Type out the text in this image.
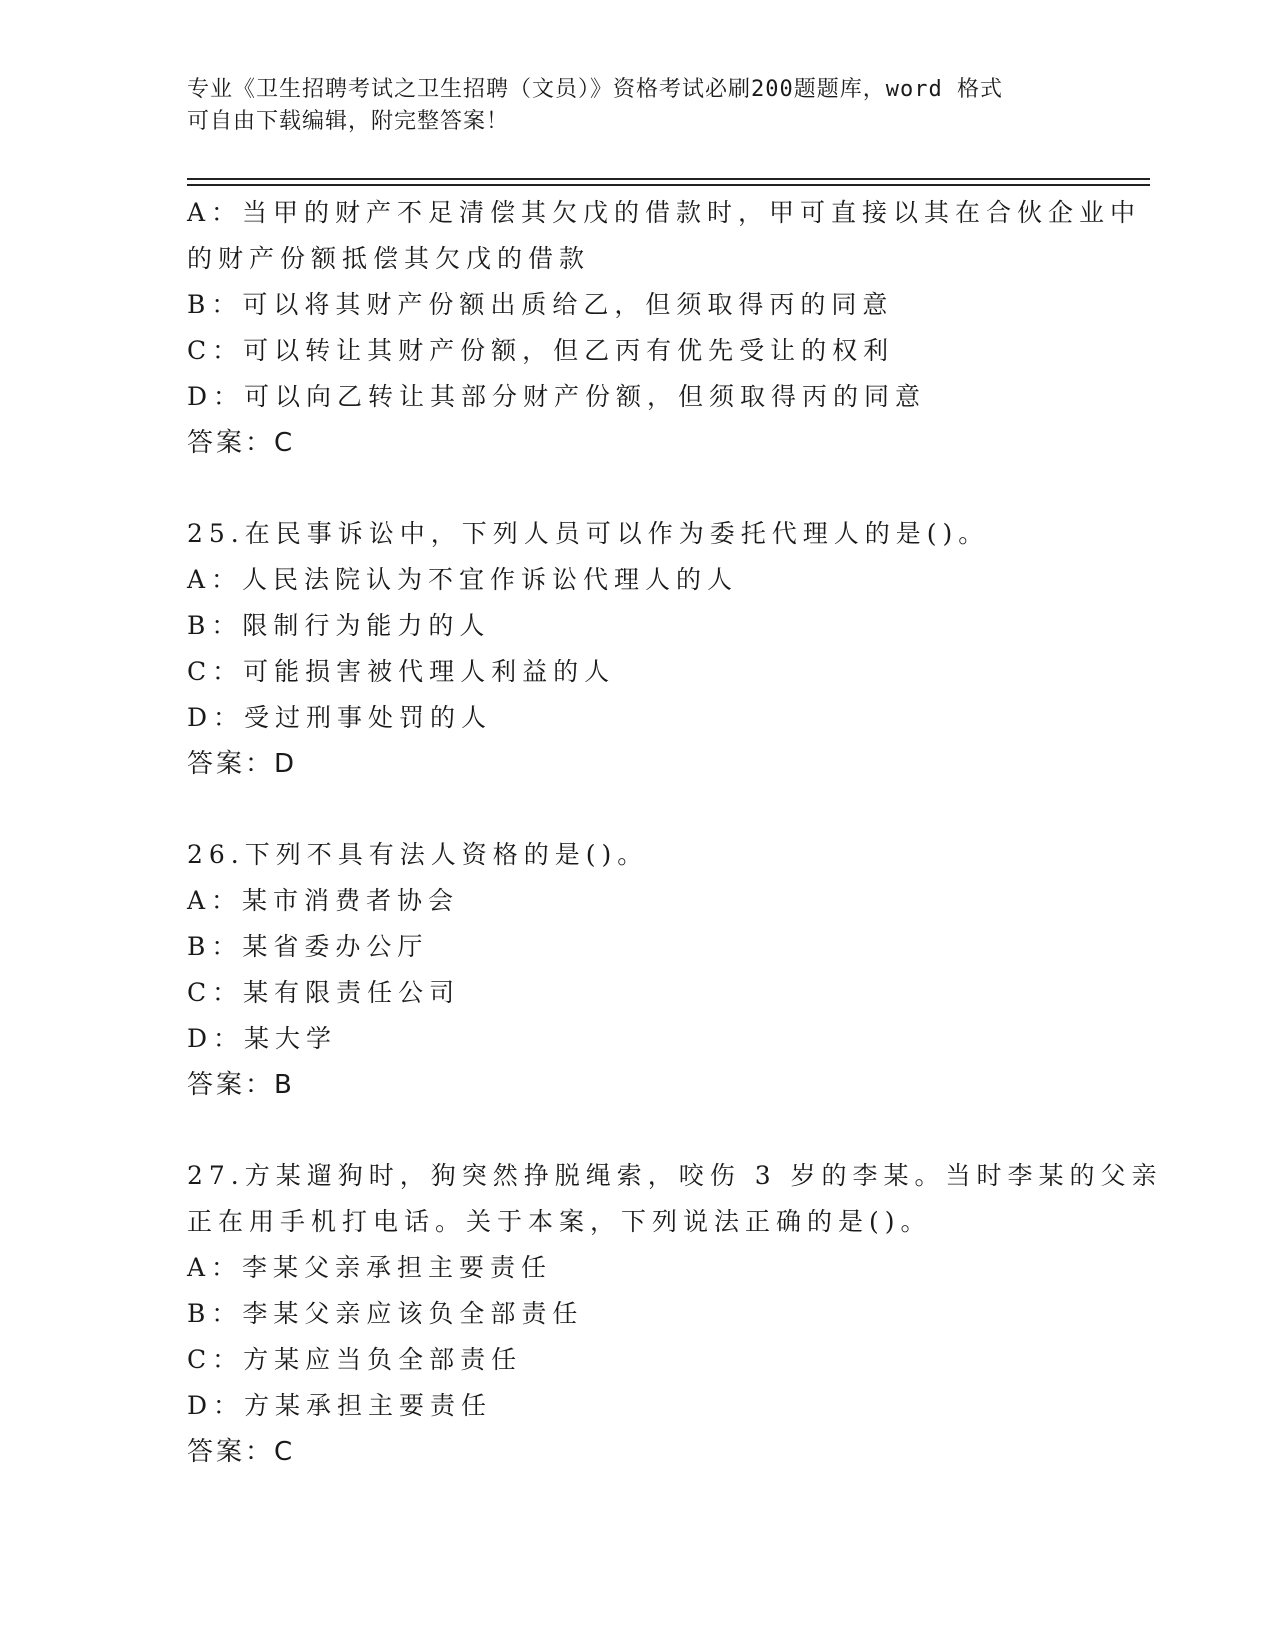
专业《卫生招聘考试之卫生招聘（文员）》资格考试必刷200题题库，word 格式
可自由下载编辑，附完整答案！
A：当甲的财产不足清偿其欠戊的借款时，甲可直接以其在合伙企业中
的财产份额抵偿其欠戊的借款
B：可以将其财产份额出质给乙，但须取得丙的同意
C：可以转让其财产份额，但乙丙有优先受让的权利
D：可以向乙转让其部分财产份额，但须取得丙的同意
答案：C
25.在民事诉讼中，下列人员可以作为委托代理人的是()。
A：人民法院认为不宜作诉讼代理人的人
B：限制行为能力的人
C：可能损害被代理人利益的人
D：受过刑事处罚的人
答案：D
26.下列不具有法人资格的是()。
A：某市消费者协会
B：某省委办公厅
C：某有限责任公司
D：某大学
答案：B
27.方某遛狗时，狗突然挣脱绳索，咬伤 3 岁的李某。当时李某的父亲
正在用手机打电话。关于本案，下列说法正确的是()。
A：李某父亲承担主要责任
B：李某父亲应该负全部责任
C：方某应当负全部责任
D：方某承担主要责任
答案：C
